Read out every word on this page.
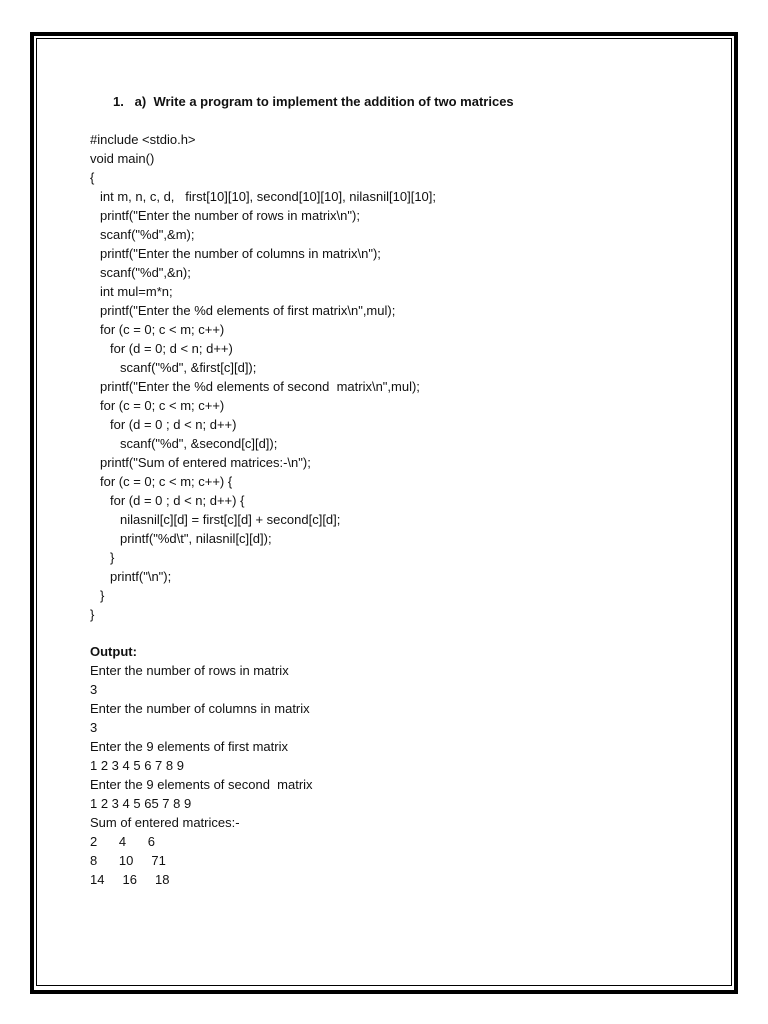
1.   a)  Write a program to implement the addition of two matrices
#include <stdio.h>
void main()
{
int m, n, c, d,   first[10][10], second[10][10], nilasnil[10][10];
printf("Enter the number of rows in matrix\n");
scanf("%d",&m);
printf("Enter the number of columns in matrix\n");
scanf("%d",&n);
int mul=m*n;
printf("Enter the %d elements of first matrix\n",mul);
for (c = 0; c < m; c++)
for (d = 0; d < n; d++)
scanf("%d", &first[c][d]);
printf("Enter the %d elements of second  matrix\n",mul);
for (c = 0; c < m; c++)
for (d = 0 ; d < n; d++)
scanf("%d", &second[c][d]);
printf("Sum of entered matrices:-\n");
for (c = 0; c < m; c++) {
for (d = 0 ; d < n; d++) {
nilasnil[c][d] = first[c][d] + second[c][d];
printf("%d\t", nilasnil[c][d]);
}
printf("\n");
}
}
Output:
Enter the number of rows in matrix
3
Enter the number of columns in matrix
3
Enter the 9 elements of first matrix
1 2 3 4 5 6 7 8 9
Enter the 9 elements of second  matrix
1 2 3 4 5 65 7 8 9
Sum of entered matrices:-
2      4      6
8      10     71
14     16     18
